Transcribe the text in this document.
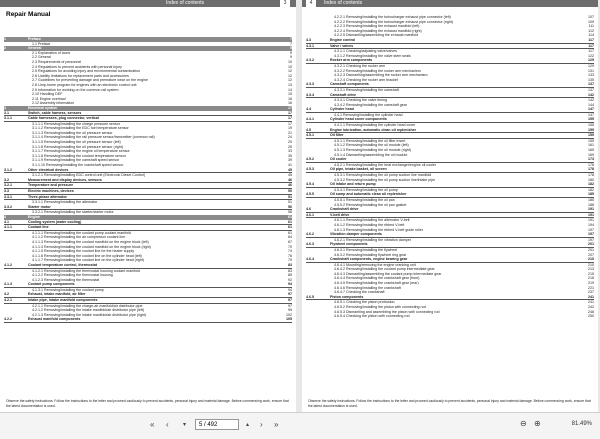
Index of contents	3
Repair Manual
1	Preface	7
1.1 Preface	7
2	General	9
2.1 Explanation of icons	9
2.2 General	9
2.3 Requirements of personnel	10
2.4 Regulations to prevent accidents with personal injury	10
2.5 Regulations for avoiding injury and environmental contamination	12
2.6 Liability limitations for replacement parts and accessories	12
2.7 Guidelines for preventing damage and premature wear on the engine	12
2.8 Limp-home program for engines with an electronic control unit	13
2.9 Information for working on the common rail system	14
2.10 Handling DEF	15
2.11 Engine overhaul	16
2.12 Assembly information	16
3	Electrical system	17
3.1	Switch, cable harness, sensors	17
3.1.1	Cable harnesses, plug connector, vertical	17
3.1.1.1 Removing/installing the charge pressure sensor	17
3.1.1.2 Removing/installing the EDC fuel temperature sensor	19
3.1.1.3 Removing/installing the oil pressure sensor	21
3.1.1.4 Removing/installing the rail pressure sensor/transmitter (common rail)	24
3.1.1.5 Removing/installing the oil pressure sensor (left)	25
3.1.1.6 Removing/installing the oil pressure sensor (right)	26
3.1.1.7 Removing/installing the engine oil temperature sensor	33
3.1.1.8 Removing/installing the coolant temperature sensor	35
3.1.1.9 Removing/installing the camshaft speed sensor	39
3.1.1.10 Removing/installing the crankshaft speed sensor	41
3.1.2	Other electrical devices	45
3.1.2.1 Removing/installing EDC control unit (Electronic Diesel Control)	45
3.2	Measurement and display devices, sensors	46
3.2.1	Temperature and pressure	46
3.3	Electric machines, devices	50
3.3.1	Three-phase alternator	51
3.3.1.1 Removing/installing the alternator	51
3.3.2	Starter motor	56
3.3.2.1 Removing/installing the starter/starter motor	56
4	Engine	61
4.1	Cooling system (water cooling)	61
4.1.1	Coolant line	61
4.1.1.1 Removing/installing the coolant pump coolant manifold	61
4.1.1.2 Removing/installing the air compressor coolant line	64
4.1.1.3 Removing/installing the coolant manifold on the engine block (left)	67
4.1.1.4 Removing/installing the coolant manifold on the engine block (right)	70
4.1.1.5 Removing/installing the coolant line for the heater supply	74
4.1.1.6 Removing/installing the coolant line on the cylinder head (left)	76
4.1.1.7 Removing/installing the coolant line on the cylinder head (right)	79
4.1.2	Coolant temperature control, thermostat	83
4.1.2.1 Removing/installing the thermostat housing coolant manifold	83
4.1.2.2 Removing/installing the thermostat housing	85
4.1.2.3 Removing/installing the thermostat	92
4.1.3	Coolant pump components	94
4.1.3.1 Removing/installing the coolant pump	94
4.2	Exhaust, intake manifold, air filter	97
4.2.1	Intake pipe, intake manifold components	97
4.2.1.1 Removing/installing the charge-air manifold/air distributor pipe	97
4.2.1.2 Removing/installing the intake manifold/air distributor pipe (left)	99
4.2.1.3 Removing/installing the intake manifold/air distributor pipe (right)	102
4.2.2	Exhaust manifold components	105
Observe the safety instructions. Follow the instructions to the letter and proceed cautiously to prevent accidents, personal injury and material damage. Before commencing work, ensure that the latest documentation is used.
4	Index of contents
4.2.2.1 Removing/installing the turbocharger exhaust pipe connector (left)	107
4.2.2.2 Removing/installing the turbocharger exhaust pipe connector (right)	109
4.2.2.3 Removing/installing the exhaust manifold (left)	111
4.2.2.4 Removing/installing the exhaust manifold (right)	112
4.2.2.5 Dismantling/assembling the exhaust manifold	114
4.3	Engine control	117
4.3.1	Valve / valves	117
4.3.1.1 Checking/adjusting valve/valves	117
4.3.1.2 Removing/installing the valve stem seals	122
4.3.2	Rocker arm components	129
4.3.2.1 Checking the rocker arm	129
4.3.2.2 Removing/installing the rocker arm mechanism	131
4.3.2.3 Dismantling/assembling the rocker arm mechanism	133
4.3.2.4 Checking the rocker arm bracket	135
4.3.3	Camshaft components	137
4.3.3.1 Removing/installing the camshaft	137
4.3.4	Camshaft drive	142
4.3.4.1 Checking the valve timing	142
4.3.4.2 Removing/installing the camshaft gear	144
4.4	Cylinder head	147
4.4.1 Removing/installing the cylinder head	147
4.4.1	Cylinder head cover components	155
4.4.1.1 Removing/installing the cylinder head cover	155
4.5	Engine lubrication, automatic clean oil replenisher	159
4.5.1	Oil filter	159
4.5.1.1 Removing/installing the oil filter insert	159
4.5.1.2 Removing/installing the oil module (left)	161
4.5.1.3 Removing/installing the oil module (right)	165
4.5.1.4 Dismantling/assembling the oil module	169
4.5.2	Oil cooler	173
4.5.2.1 Removing/installing the heat exchanger/engine oil cooler	176
4.5.3	Oil pipe, intake basket, oil screen	178
4.5.3.1 Removing/installing the oil pump suction line manifold	178
4.5.3.2 Removing/installing the oil pump suction line/intake pipe	180
4.5.4	Oil intake and return pump	182
4.5.4.1 Removing/installing the oil pump	182
4.5.5	Oil sump and automatic clean oil replenisher	185
4.5.5.1 Removing/installing the oil pan	185
4.5.5.2 Removing/installing the oil pan gasket	188
4.6	Crankshaft drive	191
4.6.1	V-belt drive	191
4.6.1.1 Removing/installing the alternator V-belt	191
4.6.1.2 Removing/installing the ribbed V-belt	194
4.6.1.3 Removing/installing the ribbed V-belt guide roller	197
4.6.2	Vibration damper components	197
4.6.2.1 Removing/installing the vibration damper	197
4.6.3	Flywheel components	201
4.6.3.1 Removing/installing the flywheel	201
4.6.3.2 Removing/installing flywheel ring gear	207
4.6.4	Crankshaft components, engine bearing gear	210
4.6.4.1 Mounting/removing the engine cranking unit	210
4.6.4.2 Removing/installing the coolant pump intermediate gear	213
4.6.4.3 Dismantling/assembling the coolant pump intermediate gear	215
4.6.4.4 Removing/installing the crankshaft gear (front)	216
4.6.4.5 Removing/installing the crankshaft gear (rear)	219
4.6.4.6 Removing/installing the crankshaft	221
4.6.4.7 Checking the crankshaft	237
4.6.5	Piston components	241
4.6.5.1 Checking the piston protrusion	241
4.6.5.2 Removing/installing the piston with connecting rod	242
4.6.5.3 Dismantling and assembling the piston with connecting rod	248
4.6.5.4 Checking the piston with connecting rod	250
Observe the safety instructions. Follow the instructions to the letter and proceed cautiously to prevent accidents, personal injury and material damage. Before commencing work, ensure that the latest documentation is used.
« ‹ ▾	5 / 492	▴ › »	⊖ ⊕	81.49%
